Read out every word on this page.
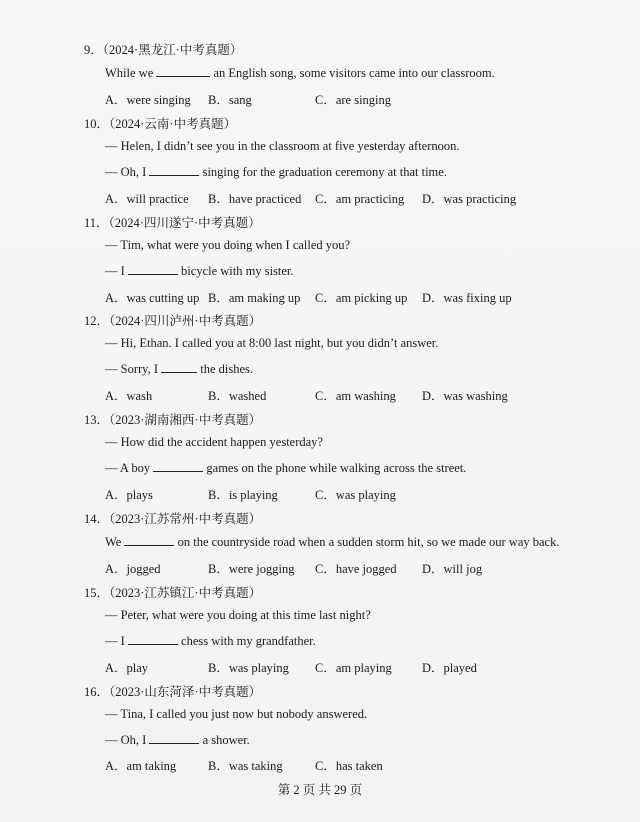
9．（2024·黑龙江·中考真题）
While we	an English song, some visitors came into our classroom.
A．were singing B．sang	C．are singing
10．（2024·云南·中考真题）
— Helen, I didn’t see you in the classroom at five yesterday afternoon.
— Oh, I	singing for the graduation ceremony at that time.
A．will practice B．have practiced C．am practicing D．was practicing
11．（2024·四川遂宁·中考真题）
— Tim, what were you doing when I called you?
— I	bicycle with my sister.
A．was cutting up B．am making up C．am picking up D．was fixing up
12．（2024·四川泸州·中考真题）
— Hi, Ethan. I called you at 8:00 last night, but you didn’t answer.
— Sorry, I	the dishes.
A．wash	B．washed	C．am washing D．was washing
13．（2023·湖南湘西·中考真题）
— How did the accident happen yesterday?
— A boy	games on the phone while walking across the street.
A．plays	B．is playing	C．was playing
14．（2023·江苏常州·中考真题）
We	on the countryside road when a sudden storm hit, so we made our way back.
A．jogged	B．were jogging C．have jogged D．will jog
15．（2023·江苏镇江·中考真题）
— Peter, what were you doing at this time last night?
— I	chess with my grandfather.
A．play	B．was playing C．am playing D．played
16．（2023·山东菏泽·中考真题）
— Tina, I called you just now but nobody answered.
— Oh, I	a shower.
A．am taking	B．was taking	C．has taken
第 2 页 共 29 页
